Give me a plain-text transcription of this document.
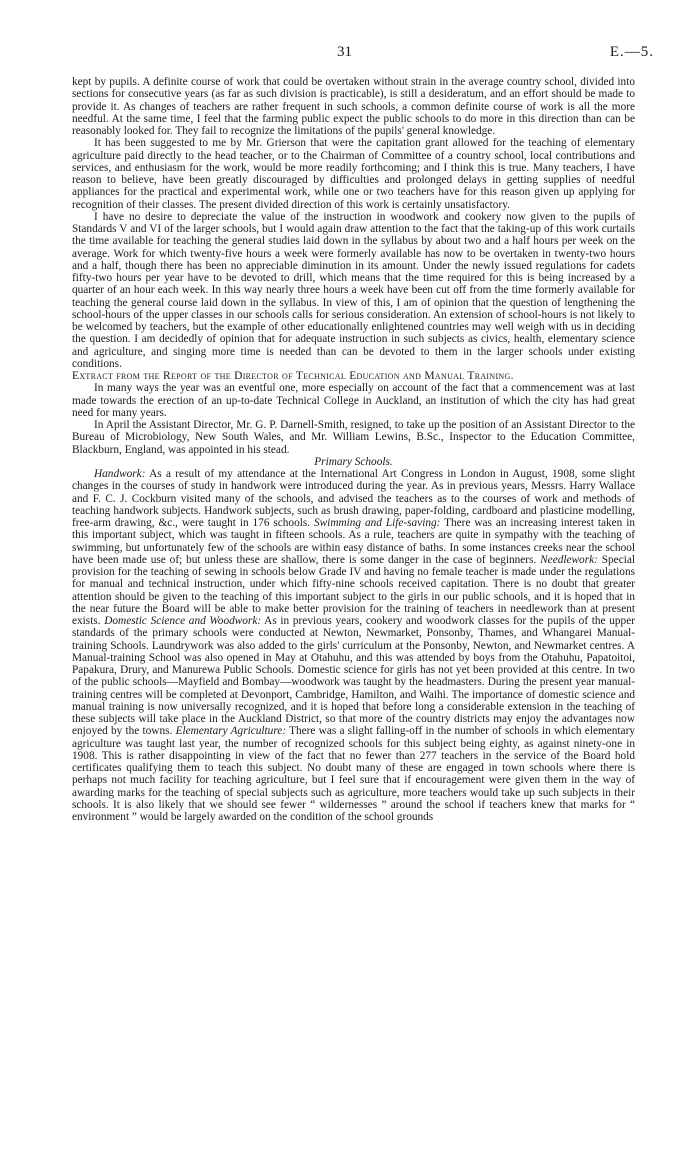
31	E.—5.

kept by pupils. A definite course of work that could be overtaken without strain in the average country school, divided into sections for consecutive years (as far as such division is practicable), is still a desideratum, and an effort should be made to provide it. As changes of teachers are rather frequent in such schools, a common definite course of work is all the more needful. At the same time, I feel that the farming public expect the public schools to do more in this direction than can be reasonably looked for. They fail to recognize the limitations of the pupils' general knowledge.

It has been suggested to me by Mr. Grierson that were the capitation grant allowed for the teaching of elementary agriculture paid directly to the head teacher, or to the Chairman of Committee of a country school, local contributions and services, and enthusiasm for the work, would be more readily forthcoming; and I think this is true. Many teachers, I have reason to believe, have been greatly discouraged by difficulties and prolonged delays in getting supplies of needful appliances for the practical and experimental work, while one or two teachers have for this reason given up applying for recognition of their classes. The present divided direction of this work is certainly unsatisfactory.

I have no desire to depreciate the value of the instruction in woodwork and cookery now given to the pupils of Standards V and VI of the larger schools, but I would again draw attention to the fact that the taking-up of this work curtails the time available for teaching the general studies laid down in the syllabus by about two and a half hours per week on the average. Work for which twenty-five hours a week were formerly available has now to be overtaken in twenty-two hours and a half, though there has been no appreciable diminution in its amount. Under the newly issued regulations for cadets fifty-two hours per year have to be devoted to drill, which means that the time required for this is being increased by a quarter of an hour each week. In this way nearly three hours a week have been cut off from the time formerly available for teaching the general course laid down in the syllabus. In view of this, I am of opinion that the question of lengthening the school-hours of the upper classes in our schools calls for serious consideration. An extension of school-hours is not likely to be welcomed by teachers, but the example of other educationally enlightened countries may well weigh with us in deciding the question. I am decidedly of opinion that for adequate instruction in such subjects as civics, health, elementary science and agriculture, and singing more time is needed than can be devoted to them in the larger schools under existing conditions.

Extract from the Report of the Director of Technical Education and Manual Training.

In many ways the year was an eventful one, more especially on account of the fact that a commencement was at last made towards the erection of an up-to-date Technical College in Auckland, an institution of which the city has had great need for many years.

In April the Assistant Director, Mr. G. P. Darnell-Smith, resigned, to take up the position of an Assistant Director to the Bureau of Microbiology, New South Wales, and Mr. William Lewins, B.Sc., Inspector to the Education Committee, Blackburn, England, was appointed in his stead.

Primary Schools.

Handwork: As a result of my attendance at the International Art Congress in London in August, 1908, some slight changes in the courses of study in handwork were introduced during the year. As in previous years, Messrs. Harry Wallace and F. C. J. Cockburn visited many of the schools, and advised the teachers as to the courses of work and methods of teaching handwork subjects. Handwork subjects, such as brush drawing, paper-folding, cardboard and plasticine modelling, free-arm drawing, &c., were taught in 176 schools. Swimming and Life-saving: There was an increasing interest taken in this important subject, which was taught in fifteen schools. As a rule, teachers are quite in sympathy with the teaching of swimming, but unfortunately few of the schools are within easy distance of baths. In some instances creeks near the school have been made use of; but unless these are shallow, there is some danger in the case of beginners. Needlework: Special provision for the teaching of sewing in schools below Grade IV and having no female teacher is made under the regulations for manual and technical instruction, under which fifty-nine schools received capitation. There is no doubt that greater attention should be given to the teaching of this important subject to the girls in our public schools, and it is hoped that in the near future the Board will be able to make better provision for the training of teachers in needlework than at present exists. Domestic Science and Woodwork: As in previous years, cookery and woodwork classes for the pupils of the upper standards of the primary schools were conducted at Newton, Newmarket, Ponsonby, Thames, and Whangarei Manual-training Schools. Laundrywork was also added to the girls' curriculum at the Ponsonby, Newton, and Newmarket centres. A Manual-training School was also opened in May at Otahuhu, and this was attended by boys from the Otahuhu, Papatoitoi, Papakura, Drury, and Manurewa Public Schools. Domestic science for girls has not yet been provided at this centre. In two of the public schools—Mayfield and Bombay—woodwork was taught by the headmasters. During the present year manual-training centres will be completed at Devonport, Cambridge, Hamilton, and Waihi. The importance of domestic science and manual training is now universally recognized, and it is hoped that before long a considerable extension in the teaching of these subjects will take place in the Auckland District, so that more of the country districts may enjoy the advantages now enjoyed by the towns. Elementary Agriculture: There was a slight falling-off in the number of schools in which elementary agriculture was taught last year, the number of recognized schools for this subject being eighty, as against ninety-one in 1908. This is rather disappointing in view of the fact that no fewer than 277 teachers in the service of the Board hold certificates qualifying them to teach this subject. No doubt many of these are engaged in town schools where there is perhaps not much facility for teaching agriculture, but I feel sure that if encouragement were given them in the way of awarding marks for the teaching of special subjects such as agriculture, more teachers would take up such subjects in their schools. It is also likely that we should see fewer “ wildernesses ” around the school if teachers knew that marks for “ environment ” would be largely awarded on the condition of the school grounds
